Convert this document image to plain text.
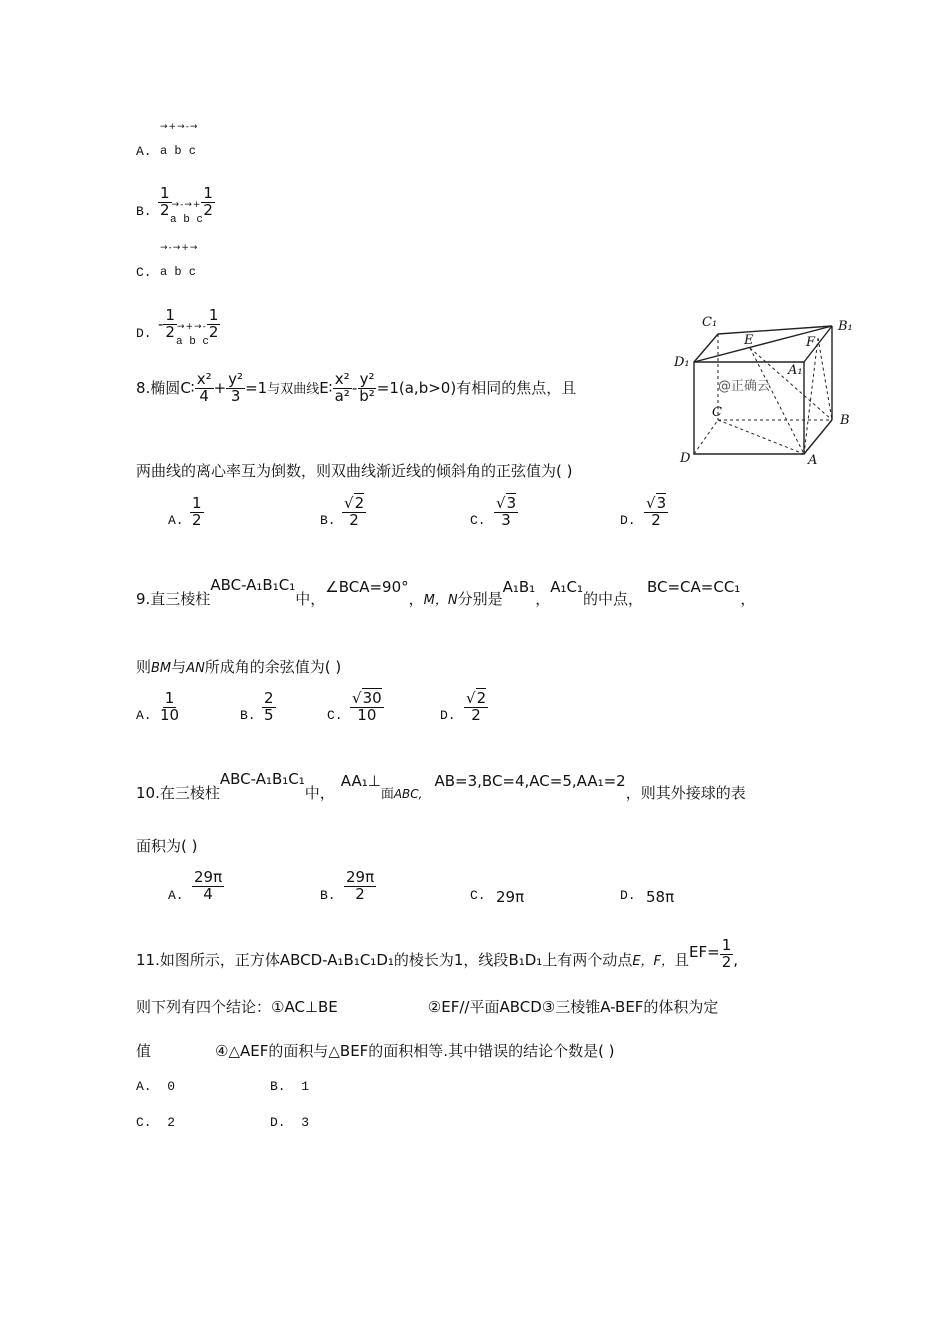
→+→-→
A. a b c
B. $\frac{1}{2}$ →-→+ $\frac{1}{2}$
a b c
→-→+→
C. a b c
D.
- $\frac{1}{2}$ →+→- $\frac{1}{2}$
a b c
8.椭圆C∶ $\frac{\text{x²}}{4} + \frac{\text{y²}}{3} =1$与双曲线E∶ $\frac{\text{x²}}{\text{a²}} - \frac{\text{y²}}{\text{b²}} =1(a,b>0)$有相同的焦点，且
两曲线的离心率互为倒数，则双曲线渐近线的倾斜角的正弦值为( )
A. $\frac{1}{2}$	B. $\frac{√2}{2}$	C. $\frac{√3}{3}$	D. $\frac{√3}{2}$
C₁	B₁
E	F
D₁
A₁
C
B
D	A
@正确云
9.直三棱柱ABC-A₁B₁C₁中，∠BCA=90°，M，N分别是A₁B₁，A₁C₁的中点，BC=CA=CC₁，
则BM与AN所成角的余弦值为( )
A. $\frac{1}{10}$	B. $\frac{2}{5}$	C. $\frac{√30}{10}$	D. $\frac{√2}{2}$
10.在三棱柱ABC-A₁B₁C₁中，AA₁⊥面ABC,AB=3,BC=4,AC=5,AA₁=2，则其外接球的表
面积为( )
A. $\frac{29\pi}{4}$	B. $\frac{29\pi}{2}$	C. 29π	D. 58π
11.如图所示，正方体ABCD-A₁B₁C₁D₁的棱长为1，线段B₁D₁上有两个动点E，F，且$EF= \frac{1}{2}$ ,
则下列有四个结论：①AC⊥BE	②EF//平面ABCD③三棱锥A-BEF的体积为定
值	④△AEF的面积与△BEF的面积相等.其中错误的结论个数是( )
A. 0	B. 1
C. 2	D. 3
